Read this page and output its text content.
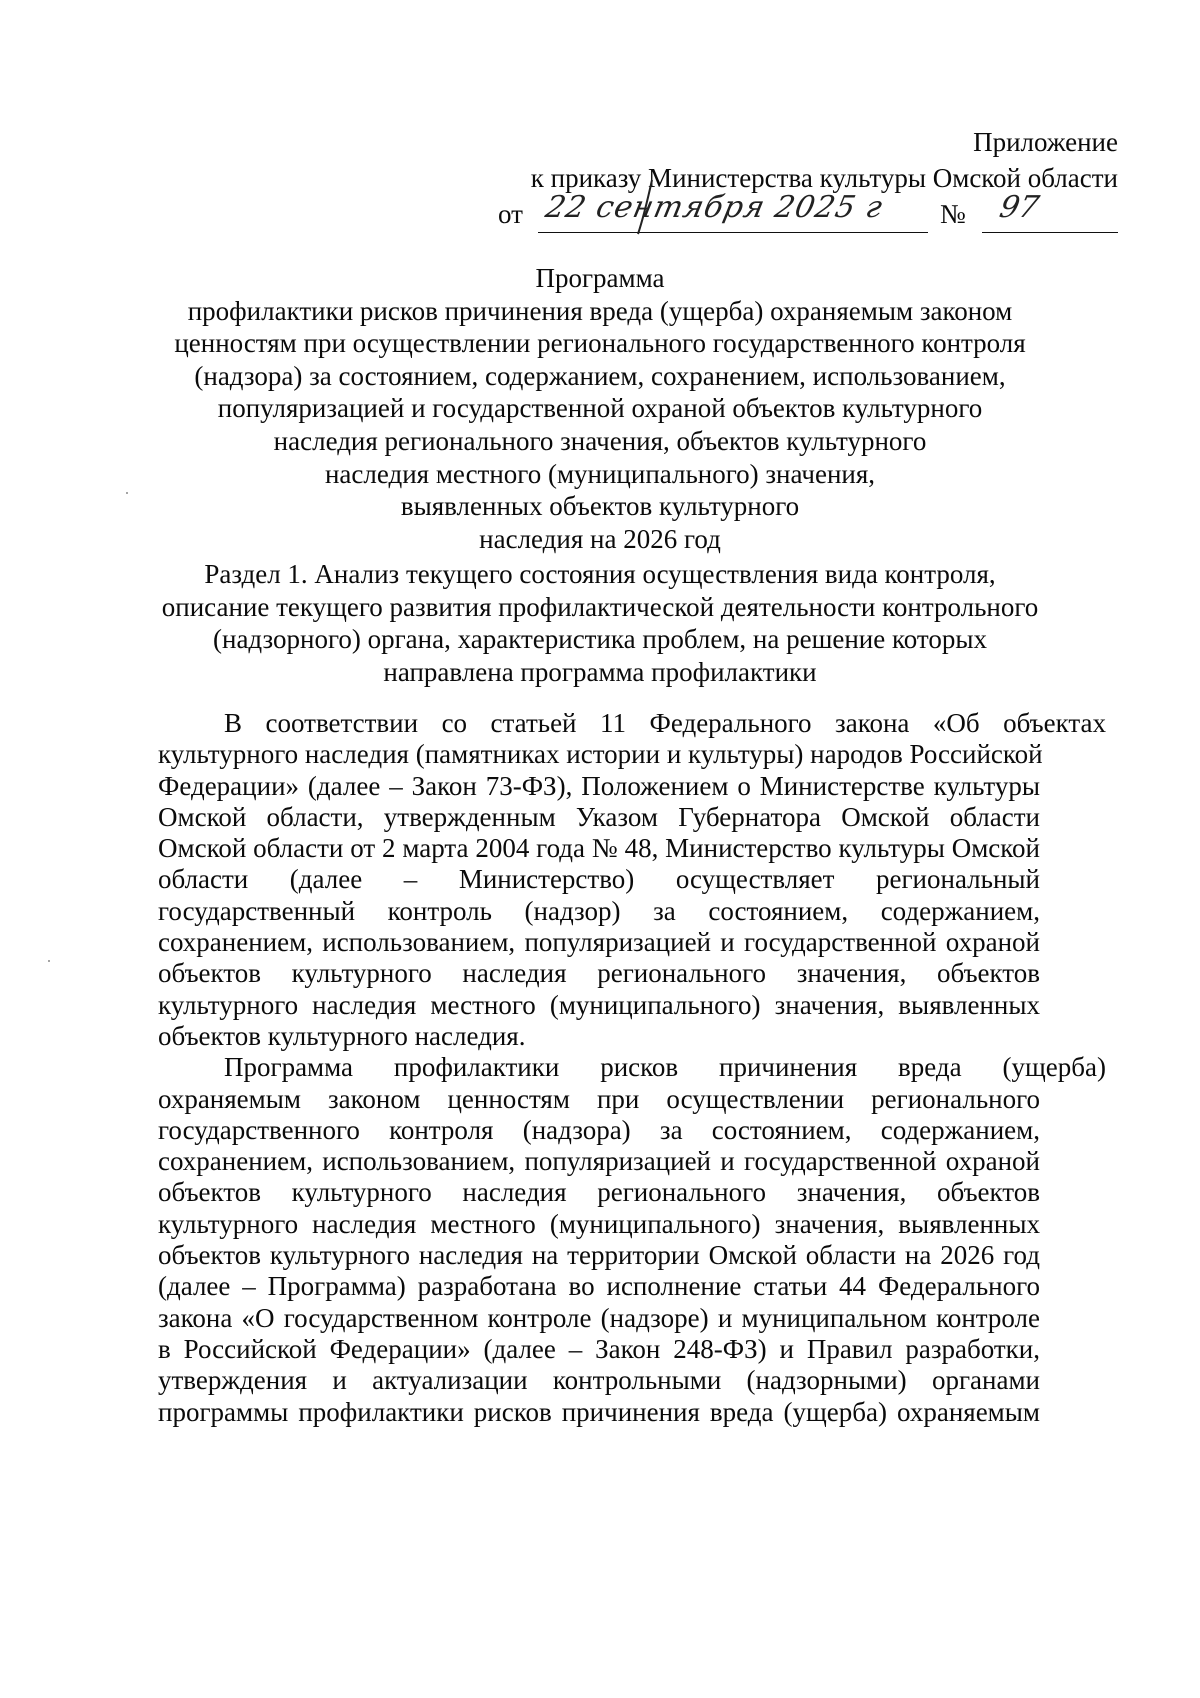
Приложение
к приказу Министерства культуры Омской области
от 22 сентября 2025 г № 97
Программа
профилактики рисков причинения вреда (ущерба) охраняемым законом
ценностям при осуществлении регионального государственного контроля
(надзора) за состоянием, содержанием, сохранением, использованием,
популяризацией и государственной охраной объектов культурного
наследия регионального значения, объектов культурного
наследия местного (муниципального) значения,
выявленных объектов культурного
наследия на 2026 год
Раздел 1. Анализ текущего состояния осуществления вида контроля,
описание текущего развития профилактической деятельности контрольного
(надзорного) органа, характеристика проблем, на решение которых
направлена программа профилактики

В соответствии со статьей 11 Федерального закона «Об объектах
культурного наследия (памятниках истории и культуры) народов Российской
Федерации» (далее – Закон 73-ФЗ), Положением о Министерстве культуры
Омской области, утвержденным Указом Губернатора Омской области
Омской области от 2 марта 2004 года № 48, Министерство культуры Омской
области (далее – Министерство) осуществляет региональный
государственный контроль (надзор) за состоянием, содержанием,
сохранением, использованием, популяризацией и государственной охраной
объектов культурного наследия регионального значения, объектов
культурного наследия местного (муниципального) значения, выявленных
объектов культурного наследия.

Программа профилактики рисков причинения вреда (ущерба)
охраняемым законом ценностям при осуществлении регионального
государственного контроля (надзора) за состоянием, содержанием,
сохранением, использованием, популяризацией и государственной охраной
объектов культурного наследия регионального значения, объектов
культурного наследия местного (муниципального) значения, выявленных
объектов культурного наследия на территории Омской области на 2026 год
(далее – Программа) разработана во исполнение статьи 44 Федерального
закона «О государственном контроле (надзоре) и муниципальном контроле
в Российской Федерации» (далее – Закон 248-ФЗ) и Правил разработки,
утверждения и актуализации контрольными (надзорными) органами
программы профилактики рисков причинения вреда (ущерба) охраняемым
